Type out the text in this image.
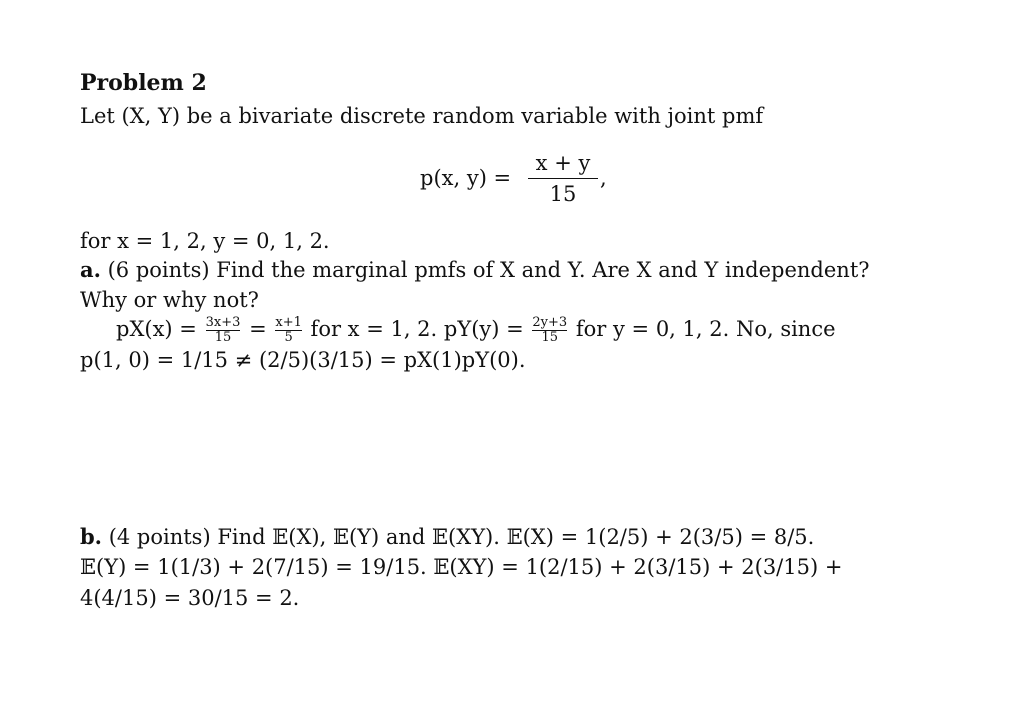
Problem 2
Let (X, Y) be a bivariate discrete random variable with joint pmf
p(x, y) =
x + y
15
,
for x = 1, 2, y = 0, 1, 2.
a. (6 points) Find the marginal pmfs of X and Y. Are X and Y independent?
Why or why not?
$pX(x) = \frac{3x+3}{15} = \frac{x+1}{5}$ for x = 1, 2. $pY(y) = \frac{2y+3}{15}$ for y = 0, 1, 2. No, since
p(1, 0) = 1/15 ≠ (2/5)(3/15) = pX(1)pY(0).
b. (4 points) Find 𝔼(X), 𝔼(Y) and 𝔼(XY). 𝔼(X) = 1(2/5) + 2(3/5) = 8/5.
𝔼(Y) = 1(1/3) + 2(7/15) = 19/15. 𝔼(XY) = 1(2/15) + 2(3/15) + 2(3/15) +
4(4/15) = 30/15 = 2.
